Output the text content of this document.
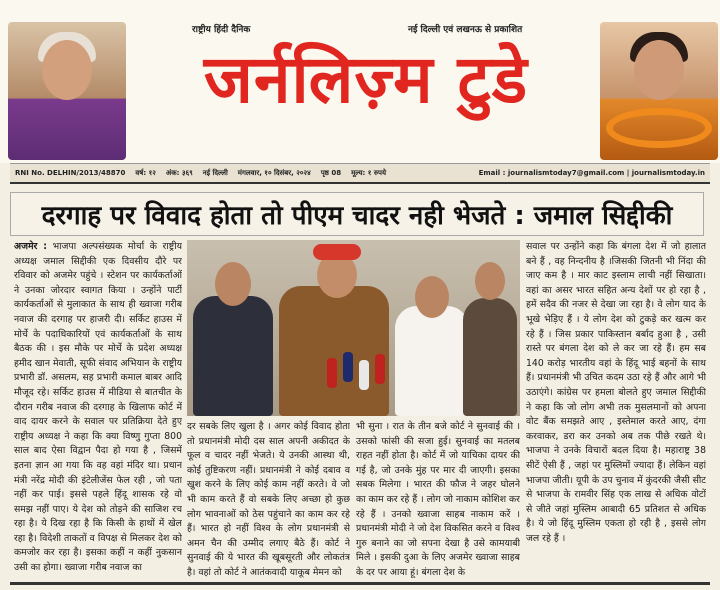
राष्ट्रीय हिंदी दैनिक	नई दिल्ली एवं लखनऊ से प्रकाशित
जर्नलिज़्म टुडे
RNI No. DELHIN/2013/48870	वर्ष: १२	अंक: ३६९	नई दिल्ली	मंगलवार, १० दिसंबर, २०२४	पृष्ठ 08	मूल्य: १ रुपये	Email : journalismtoday7@gmail.com | journalismtoday.in
दरगाह पर विवाद होता तो पीएम चादर नही भेजते : जमाल सिद्दीकी
अजमेर : भाजपा अल्पसंख्यक मोर्चा के राष्ट्रीय अध्यक्ष जमाल सिद्दीकी एक दिवसीय दौरे पर रविवार को अजमेर पहुंचे । स्टेशन पर कार्यकर्ताओं ने उनका जोरदार स्वागत किया । उन्होंने पार्टी कार्यकर्ताओं से मुलाकात के साथ ही ख्वाजा गरीब नवाज की दरगाह पर हाजरी दी। सर्किट हाउस में मोर्चे के पदाधिकारियों एवं कार्यकर्ताओं के साथ बैठक की । इस मौके पर मोर्चे के प्रदेश अध्यक्ष हमीद खान मेवाती, सूफी संवाद अभियान के राष्ट्रीय प्रभारी डॉ. असलम, सह प्रभारी कमाल बाबर आदि मौजूद रहे। सर्किट हाउस में मीडिया से बातचीत के दौरान गरीब नवाज की दरगाह के खिलाफ कोर्ट में वाद दायर करने के सवाल पर प्रतिक्रिया देते हुए राष्ट्रीय अध्यक्ष ने कहा कि क्या विष्णु गुप्ता 800 साल बाद ऐसा विद्वान पैदा हो गया है , जिसमें इतना ज्ञान आ गया कि वह वहां मंदिर था। प्रधान मंत्री नरेंद्र मोदी की इंटेलीजेंस फेल रही , जो पता नहीं कर पाई। इससे पहले हिंदू शासक रहे वो समझ नहीं पाए। ये देश को तोड़ने की साजिश रच रहा है। ये दिख रहा है कि किसी के हाथों में खेल रहा है। विदेशी ताकतों व विपक्ष से मिलकर देश को कमजोर कर रहा है। इसका कहीं न कहीं नुकसान उसी का होगा। ख्वाजा गरीब नवाज का
दर सबके लिए खुला है । अगर कोई विवाद होता तो प्रधानमंत्री मोदी दस साल अपनी अकीदत के फूल व चादर नहीं भेजते। ये उनकी आस्था थी, कोई तुष्टिकरण नहीं। प्रधानमंत्री ने कोई दबाव व खुश करने के लिए कोई काम नहीं करते। वे जो भी काम करते हैं वो सबके लिए अच्छा हो कुछ लोग भावनाओं को ठेस पहुंचाने का काम कर रहे हैं। भारत हो नहीं विश्व के लोग प्रधानमंत्री से अमन चैन की उम्मीद लगाए बैठे हैं। कोर्ट ने सुनवाई की ये भारत की खूबसूरती और लोकतंत्र है। वहां तो कोर्ट ने आतंकवादी याकूब मेमन को
भी सुना । रात के तीन बजे कोर्ट ने सुनवाई की । उसको फांसी की सजा हुई। सुनवाई का मतलब राहत नहीं होता है। कोर्ट में जो याचिका दायर की गई है, जो उनके मुंह पर मार दी जाएगी। इसका सबक मिलेगा । भारत की फौज ने जहर घोलने का काम कर रहे हैं । लोग जो नाकाम कोशिश कर रहे हैं । उनको ख्वाजा साहब नाकाम करें । प्रधानमंत्री मोदी ने जो देश विकसित करने व विश्व गुरु बनाने का जो सपना देखा है उसे कामयाबी मिले । इसकी दुआ के लिए अजमेर ख्वाजा साहब के दर पर आया हूं। बंगला देश के
सवाल पर उन्होंने कहा कि बंगला देश में जो हालात बने हैं , वह निन्दनीय है ।जिसकी जितनी भी निंदा की जाए कम है । मार काट इस्लाम लाची नहीं सिखाता। वहां का असर भारत सहित अन्य देशों पर हो रहा है , हमें सदैव की नजर से देखा जा रहा है। वे लोग याद के भूखे भेड़िए हैं । ये लोग देश को टुकड़े कर खत्म कर रहे हैं । जिस प्रकार पाकिस्तान बर्बाद हुआ है , उसी रास्ते पर बंगला देश को ले कर जा रहे हैं। हम सब 140 करोड़ भारतीय वहां के हिंदू भाई बहनों के साथ हैं। प्रधानमंत्री भी उचित कदम उठा रहे हैं और आगे भी उठाएंगे। कांग्रेस पर हमला बोलते हुए जमाल सिद्दीकी ने कहा कि जो लोग अभी तक मुसलमानों को अपना वोट बैंक समझते आए , इस्तेमाल करते आए, दंगा करवाकर, डरा कर उनको अब तक पीछे रखते थे। भाजपा ने उनके विचारों बदल दिया है। महाराष्ट्र 38 सीटें ऐसी हैं , जहां पर मुस्लिमों ज्यादा हैं। लेकिन वहां भाजपा जीती। यूपी के उप चुनाव में कुंदरकी जैसी सीट से भाजपा के रामवीर सिंह एक लाख से अधिक वोटों से जीते जहां मुस्लिम आबादी 65 प्रतिशत से अधिक है। ये जो हिंदू मुस्लिम एकता हो रही है , इससे लोग जल रहे हैं ।
